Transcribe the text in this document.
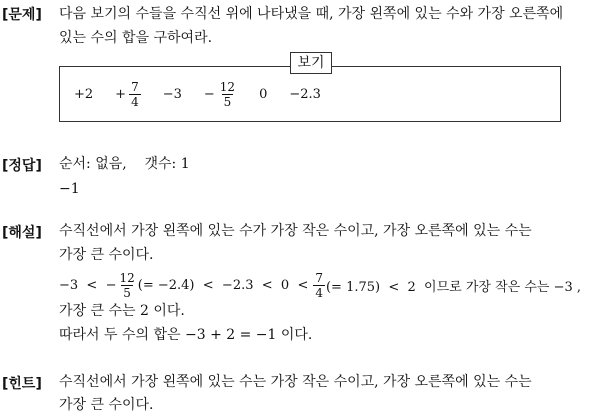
[문제] 다음 보기의 수들을 수직선 위에 나타냈을 때, 가장 왼쪽에 있는 수와 가장 오른쪽에
있는 수의 합을 구하여라.
보기
$+2 + \frac{7}{4} -3 - \frac{12}{5} 0 -2.3$
[정답] 순서: 없음,    갯수: 1
−1
[해설] 수직선에서 가장 왼쪽에 있는 수가 가장 작은 수이고, 가장 오른쪽에 있는 수는
가장 큰 수이다.
−3  <  − $\frac{12}{5}$ (= $-2.4) < -2.3 < 0 < \frac{7}{4}$ (= 1.75)  <  2  이므로 가장 작은 수는 −3 ,
가장 큰 수는 2 이다.
따라서 두 수의 합은 −3 + 2 = −1 이다.
[힌트] 수직선에서 가장 왼쪽에 있는 수는 가장 작은 수이고, 가장 오른쪽에 있는 수는
가장 큰 수이다.
